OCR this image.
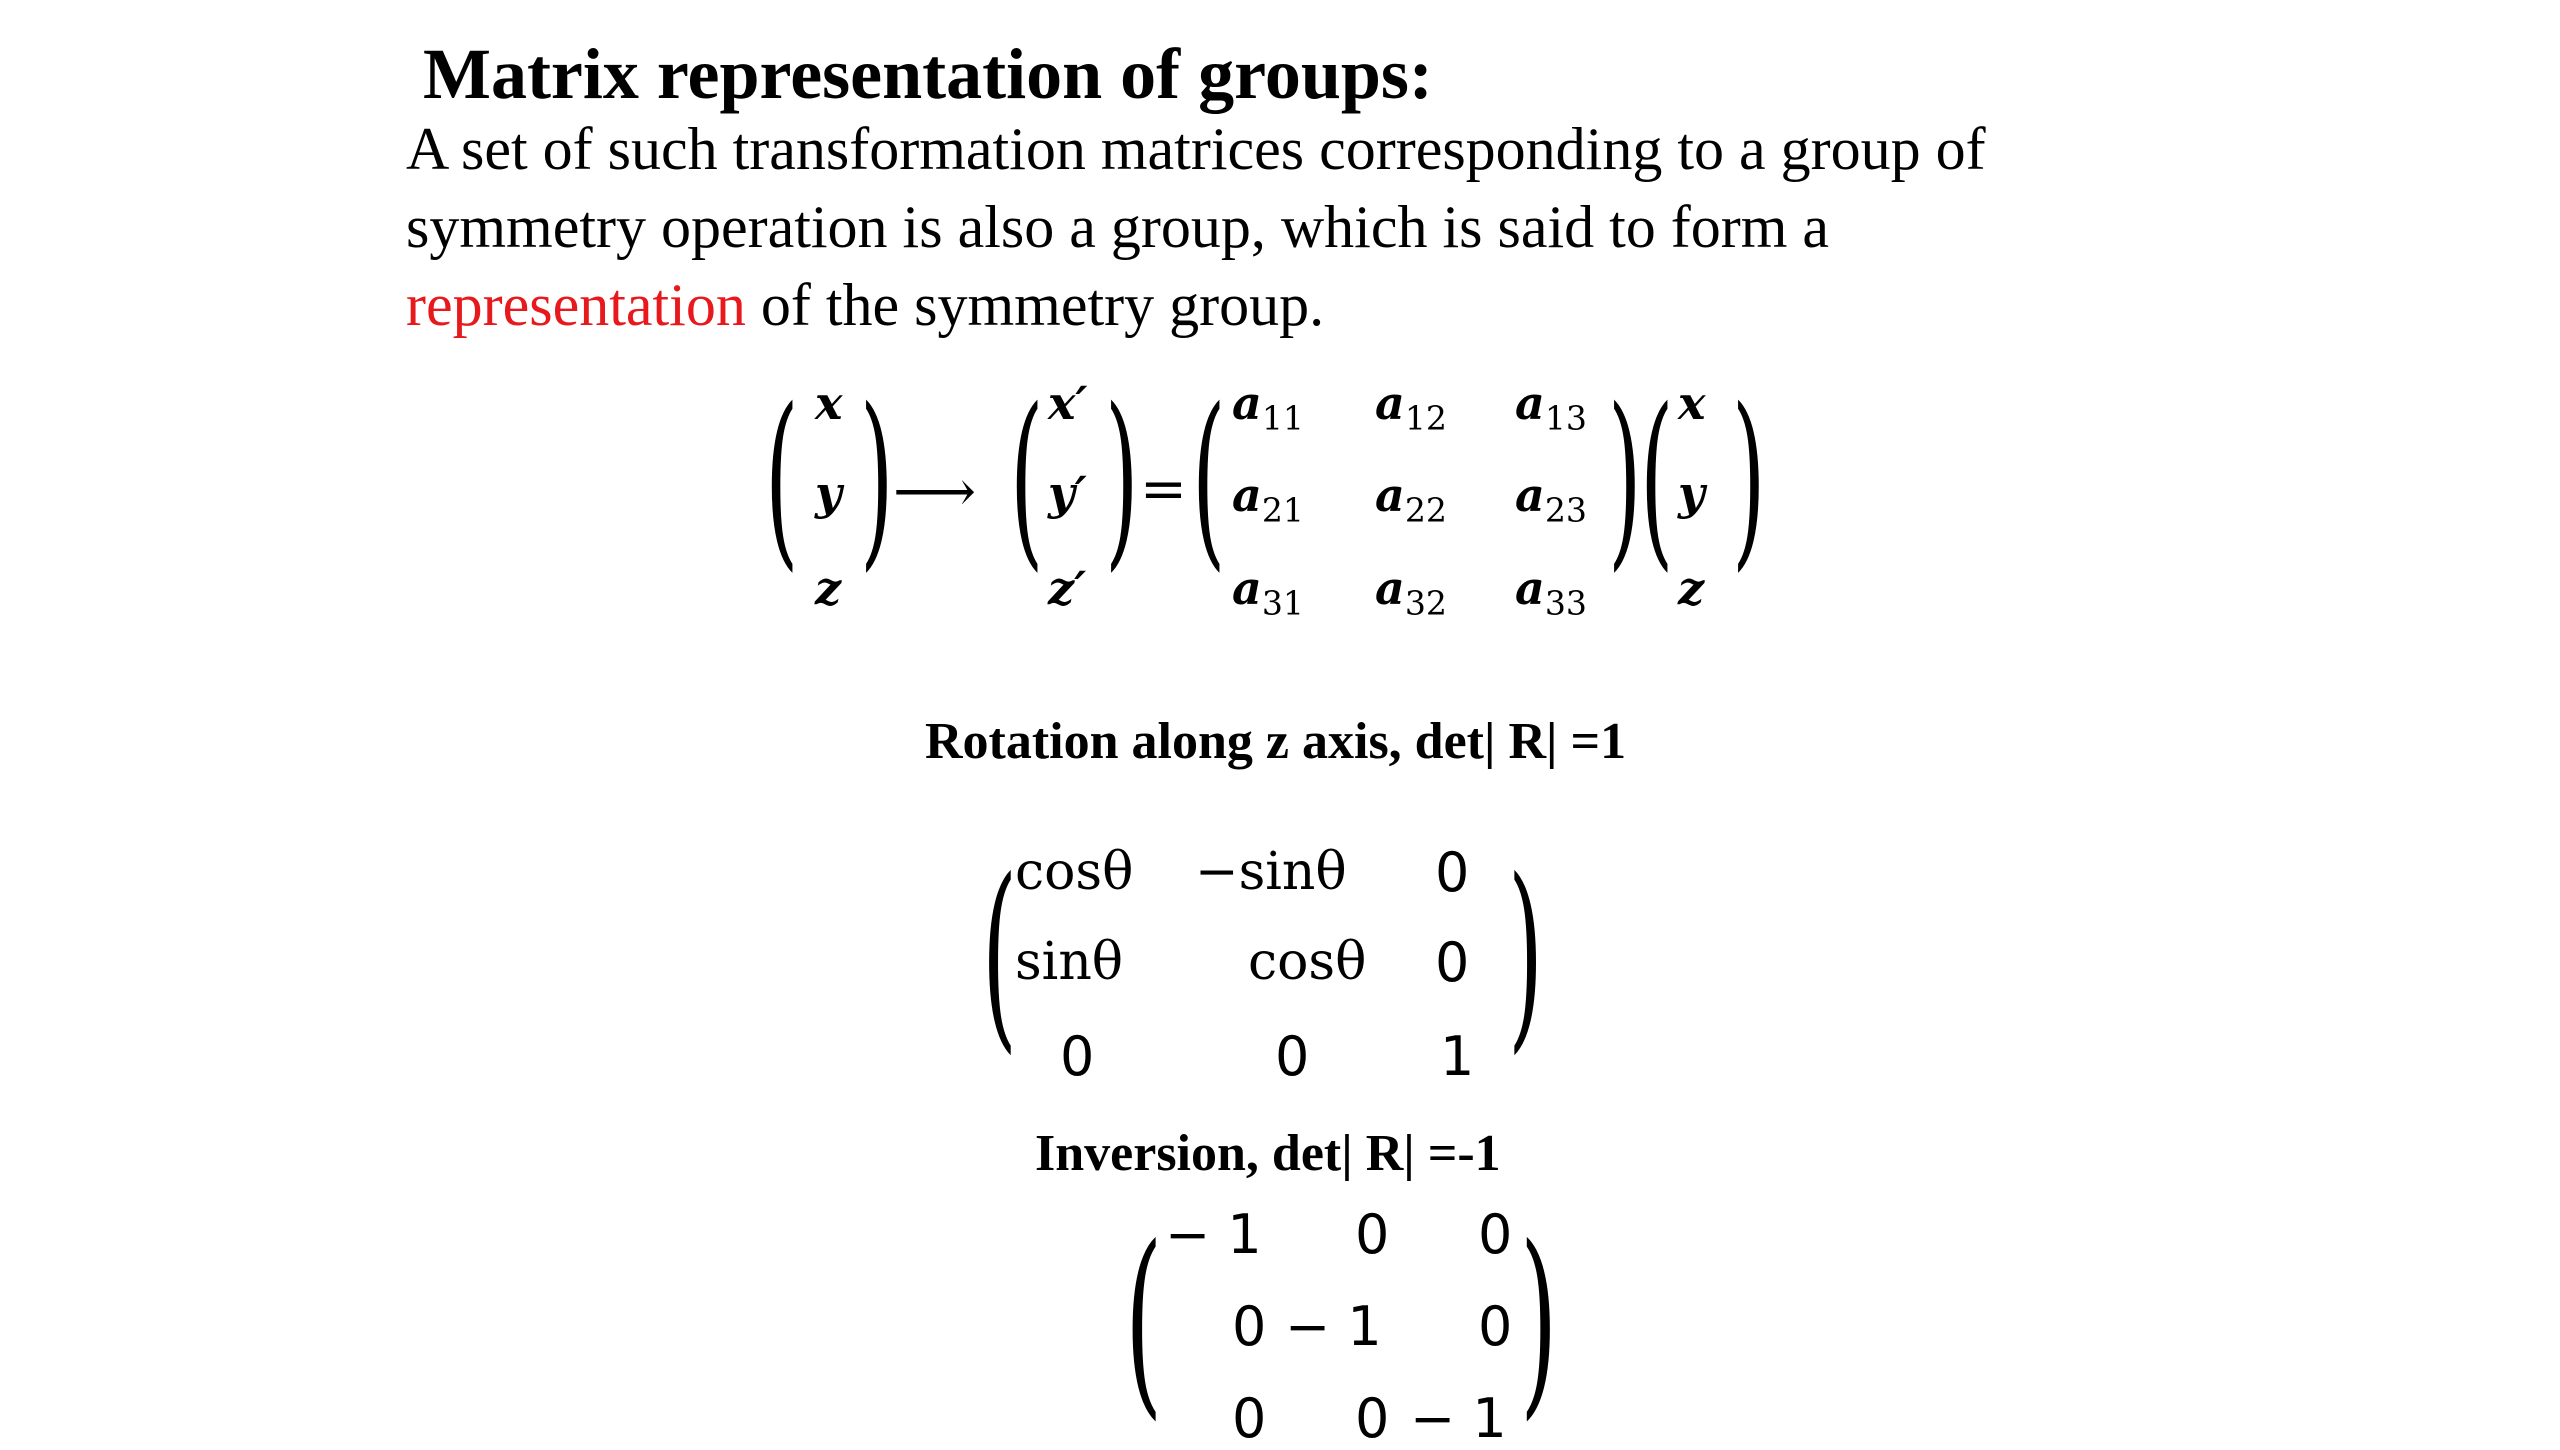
Matrix representation of groups:
A set of such transformation matrices corresponding to a group of
symmetry operation is also a group, which is said to form a
representation of the symmetry group.
( x
y
z ) ⟶ ( x′
y′
z′ ) = ( $a_{11}$ $a_{12}$ $a_{13}$
$a_{21}$ $a_{22}$ $a_{23}$
$a_{31}$ $a_{32}$ $a_{33}$
)
( x
y
z )
Rotation along z axis, det| R| =1
(
cosθ −sinθ 0
sinθ cosθ 0
0	0 1 )
Inversion, det| R| =-1
( − 1 0 0
0 − 1 0
0 0 − 1 )
